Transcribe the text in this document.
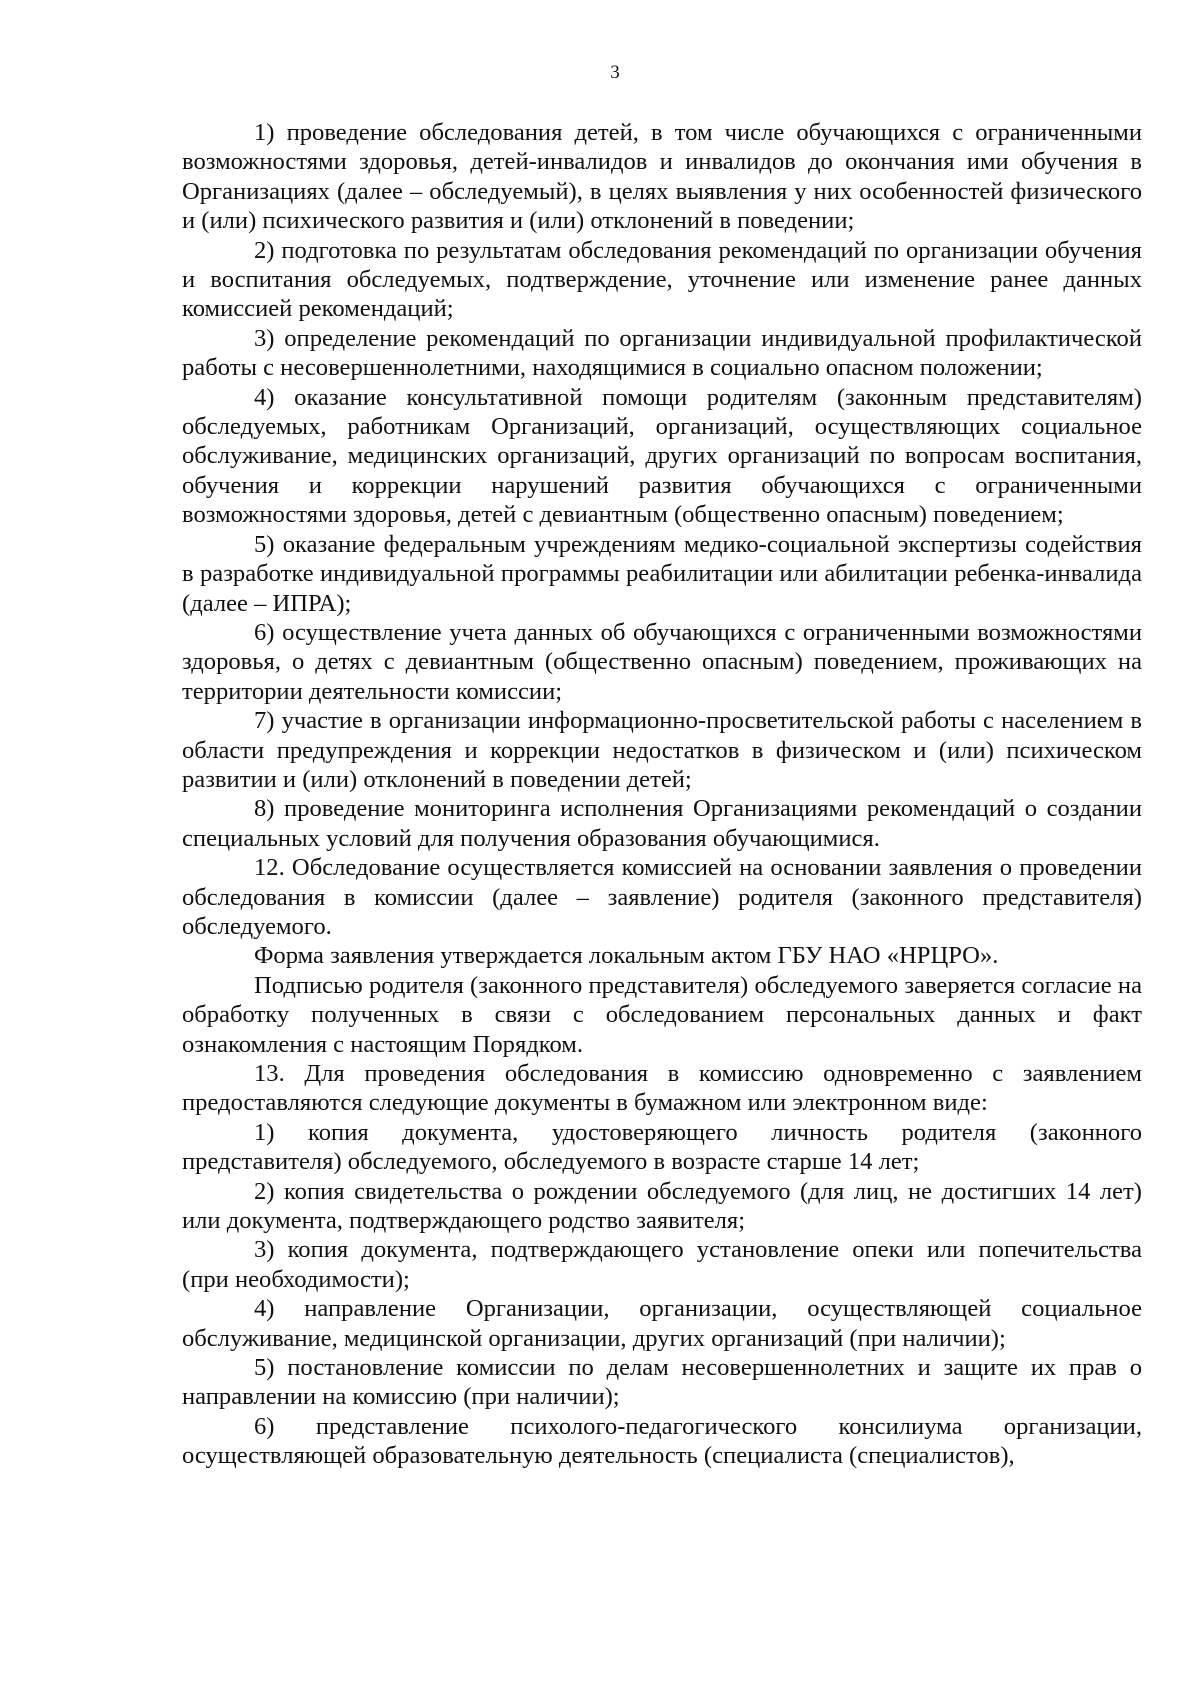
3

1) проведение обследования детей, в том числе обучающихся с ограниченными возможностями здоровья, детей-инвалидов и инвалидов до окончания ими обучения в Организациях (далее – обследуемый), в целях выявления у них особенностей физического и (или) психического развития и (или) отклонений в поведении;

2) подготовка по результатам обследования рекомендаций по организации обучения и воспитания обследуемых, подтверждение, уточнение или изменение ранее данных комиссией рекомендаций;

3) определение рекомендаций по организации индивидуальной профилактической работы с несовершеннолетними, находящимися в социально опасном положении;

4) оказание консультативной помощи родителям (законным представителям) обследуемых, работникам Организаций, организаций, осуществляющих социальное обслуживание, медицинских организаций, других организаций по вопросам воспитания, обучения и коррекции нарушений развития обучающихся с ограниченными возможностями здоровья, детей с девиантным (общественно опасным) поведением;

5) оказание федеральным учреждениям медико-социальной экспертизы содействия в разработке индивидуальной программы реабилитации или абилитации ребенка-инвалида (далее – ИПРА);

6) осуществление учета данных об обучающихся с ограниченными возможностями здоровья, о детях с девиантным (общественно опасным) поведением, проживающих на территории деятельности комиссии;

7) участие в организации информационно-просветительской работы с населением в области предупреждения и коррекции недостатков в физическом и (или) психическом развитии и (или) отклонений в поведении детей;

8) проведение мониторинга исполнения Организациями рекомендаций о создании специальных условий для получения образования обучающимися.

12. Обследование осуществляется комиссией на основании заявления о проведении обследования в комиссии (далее – заявление) родителя (законного представителя) обследуемого.

Форма заявления утверждается локальным актом ГБУ НАО «НРЦРО».

Подписью родителя (законного представителя) обследуемого заверяется согласие на обработку полученных в связи с обследованием персональных данных и факт ознакомления с настоящим Порядком.

13. Для проведения обследования в комиссию одновременно с заявлением предоставляются следующие документы в бумажном или электронном виде:

1) копия документа, удостоверяющего личность родителя (законного представителя) обследуемого, обследуемого в возрасте старше 14 лет;

2) копия свидетельства о рождении обследуемого (для лиц, не достигших 14 лет) или документа, подтверждающего родство заявителя;

3) копия документа, подтверждающего установление опеки или попечительства (при необходимости);

4) направление Организации, организации, осуществляющей социальное обслуживание, медицинской организации, других организаций (при наличии);

5) постановление комиссии по делам несовершеннолетних и защите их прав о направлении на комиссию (при наличии);

6) представление психолого-педагогического консилиума организации, осуществляющей образовательную деятельность (специалиста (специалистов),
